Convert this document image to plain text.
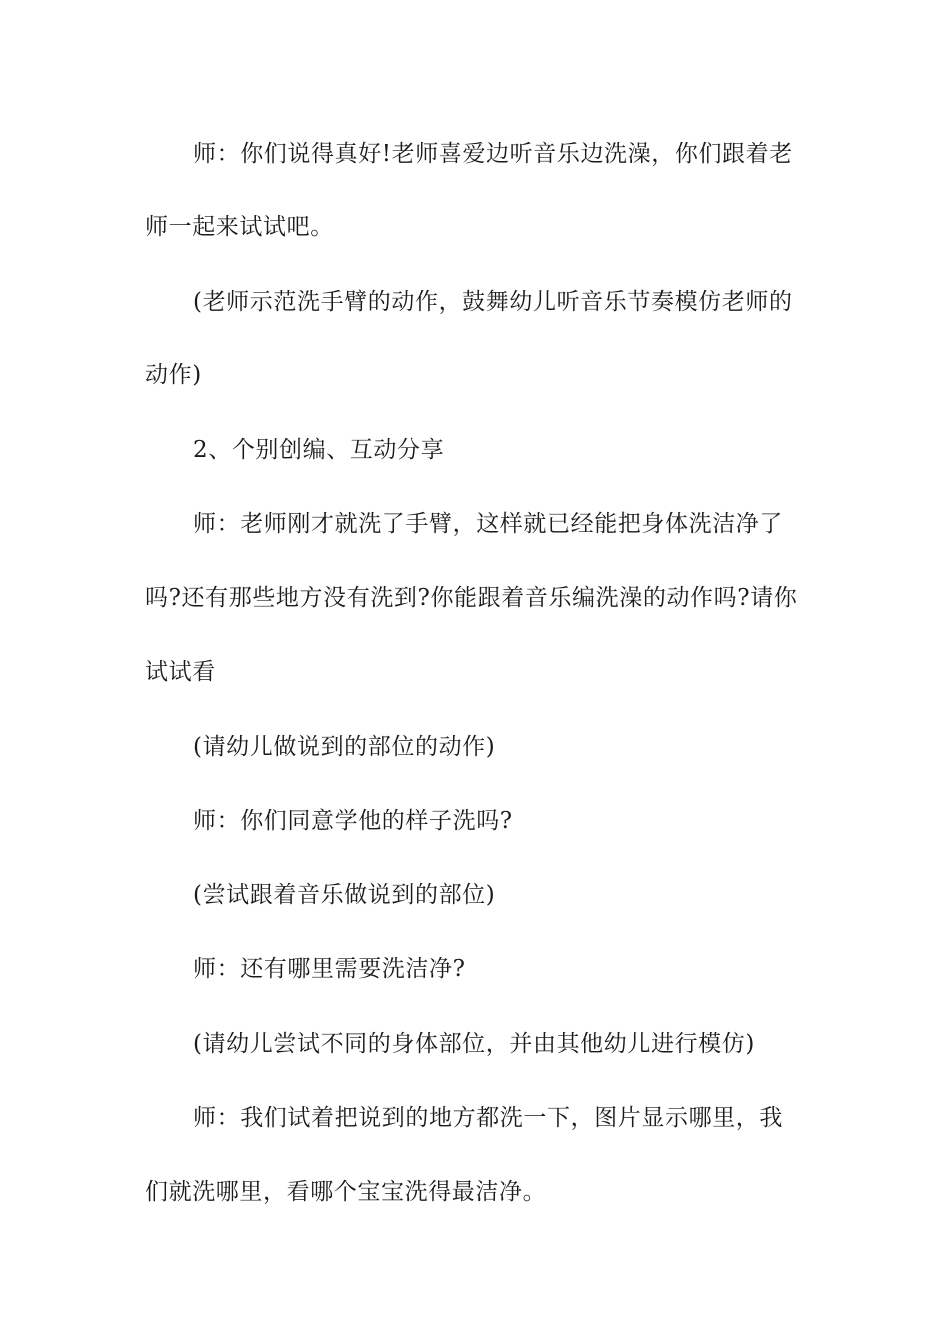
师：你们说得真好!老师喜爱边听音乐边洗澡，你们跟着老
师一起来试试吧。
(老师示范洗手臂的动作，鼓舞幼儿听音乐节奏模仿老师的
动作)
2、个别创编、互动分享
师：老师刚才就洗了手臂，这样就已经能把身体洗洁净了
吗?还有那些地方没有洗到?你能跟着音乐编洗澡的动作吗?请你
试试看
(请幼儿做说到的部位的动作)
师：你们同意学他的样子洗吗?
(尝试跟着音乐做说到的部位)
师：还有哪里需要洗洁净?
(请幼儿尝试不同的身体部位，并由其他幼儿进行模仿)
师：我们试着把说到的地方都洗一下，图片显示哪里，我
们就洗哪里，看哪个宝宝洗得最洁净。
